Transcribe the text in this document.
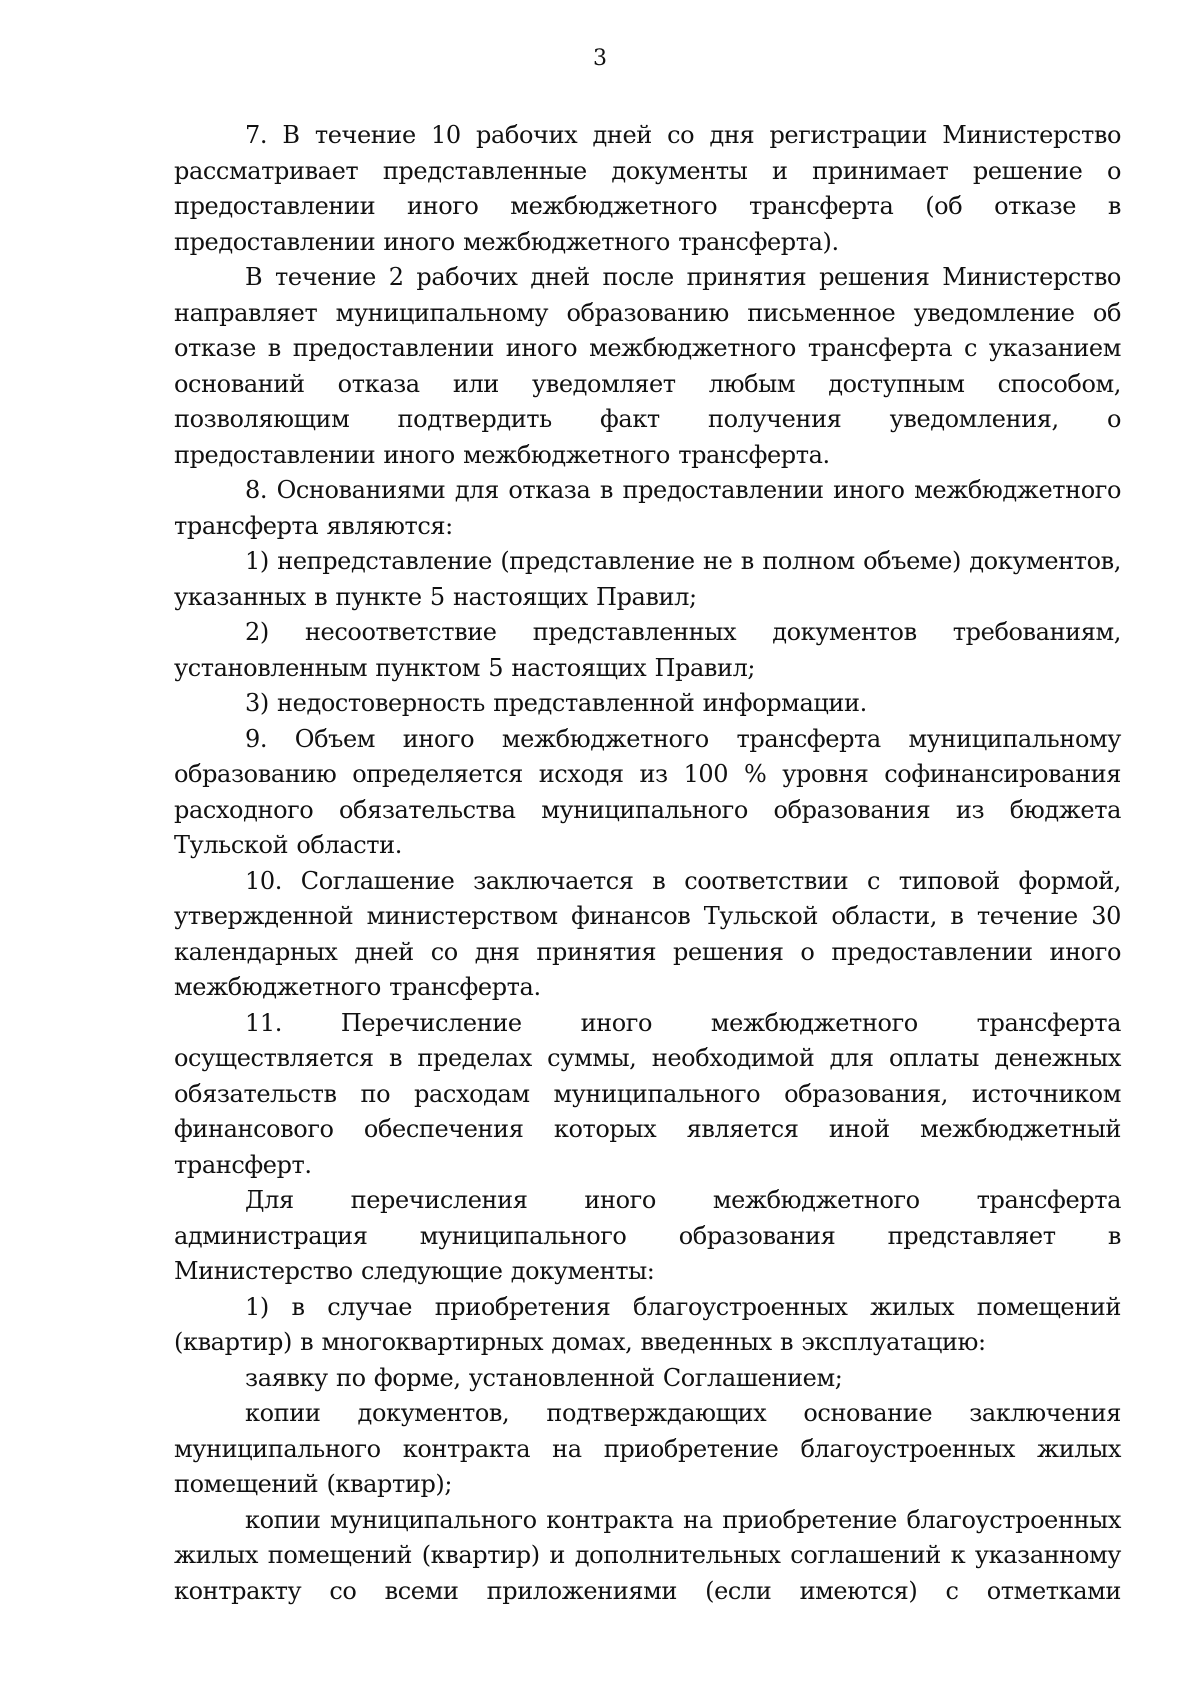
3

7. В течение 10 рабочих дней со дня регистрации Министерство рассматривает представленные документы и принимает решение о предоставлении иного межбюджетного трансферта (об отказе в предоставлении иного межбюджетного трансферта).

В течение 2 рабочих дней после принятия решения Министерство направляет муниципальному образованию письменное уведомление об отказе в предоставлении иного межбюджетного трансферта с указанием оснований отказа или уведомляет любым доступным способом, позволяющим подтвердить факт получения уведомления, о предоставлении иного межбюджетного трансферта.

8. Основаниями для отказа в предоставлении иного межбюджетного трансферта являются:

1) непредставление (представление не в полном объеме) документов, указанных в пункте 5 настоящих Правил;

2) несоответствие представленных документов требованиям, установленным пунктом 5 настоящих Правил;

3) недостоверность представленной информации.

9. Объем иного межбюджетного трансферта муниципальному образованию определяется исходя из 100 % уровня софинансирования расходного обязательства муниципального образования из бюджета Тульской области.

10. Соглашение заключается в соответствии с типовой формой, утвержденной министерством финансов Тульской области, в течение 30 календарных дней со дня принятия решения о предоставлении иного межбюджетного трансферта.

11. Перечисление иного межбюджетного трансферта осуществляется в пределах суммы, необходимой для оплаты денежных обязательств по расходам муниципального образования, источником финансового обеспечения которых является иной межбюджетный трансферт.

Для перечисления иного межбюджетного трансферта администрация муниципального образования представляет в Министерство следующие документы:

1) в случае приобретения благоустроенных жилых помещений (квартир) в многоквартирных домах, введенных в эксплуатацию:

заявку по форме, установленной Соглашением;

копии документов, подтверждающих основание заключения муниципального контракта на приобретение благоустроенных жилых помещений (квартир);

копии муниципального контракта на приобретение благоустроенных жилых помещений (квартир) и дополнительных соглашений к указанному контракту со всеми приложениями (если имеются) с отметками
